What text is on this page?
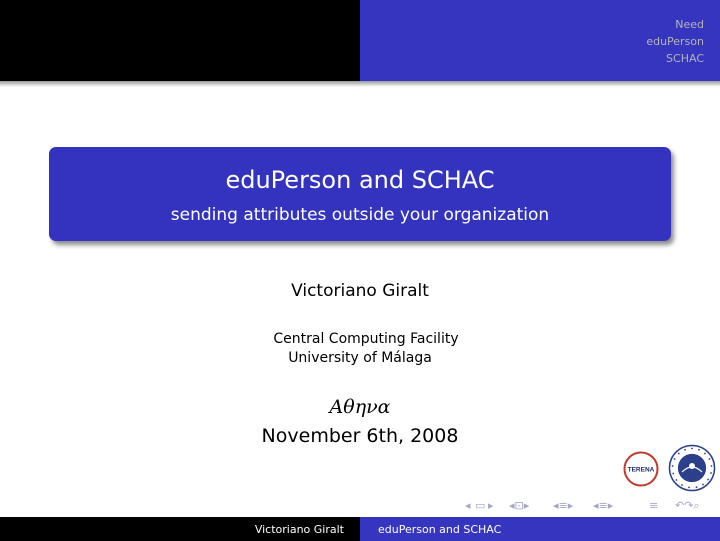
Need
eduPerson
SCHAC
eduPerson and SCHAC
sending attributes outside your organization
Victoriano Giralt
Central Computing Facility
University of Málaga
Aθηνα
November 6th, 2008
TERENA
◂ ▭ ▸ ◂⊡▸ ◂≡▸ ◂≡▸	≡ ↶↷⌕
Victoriano Giralt	eduPerson and SCHAC
